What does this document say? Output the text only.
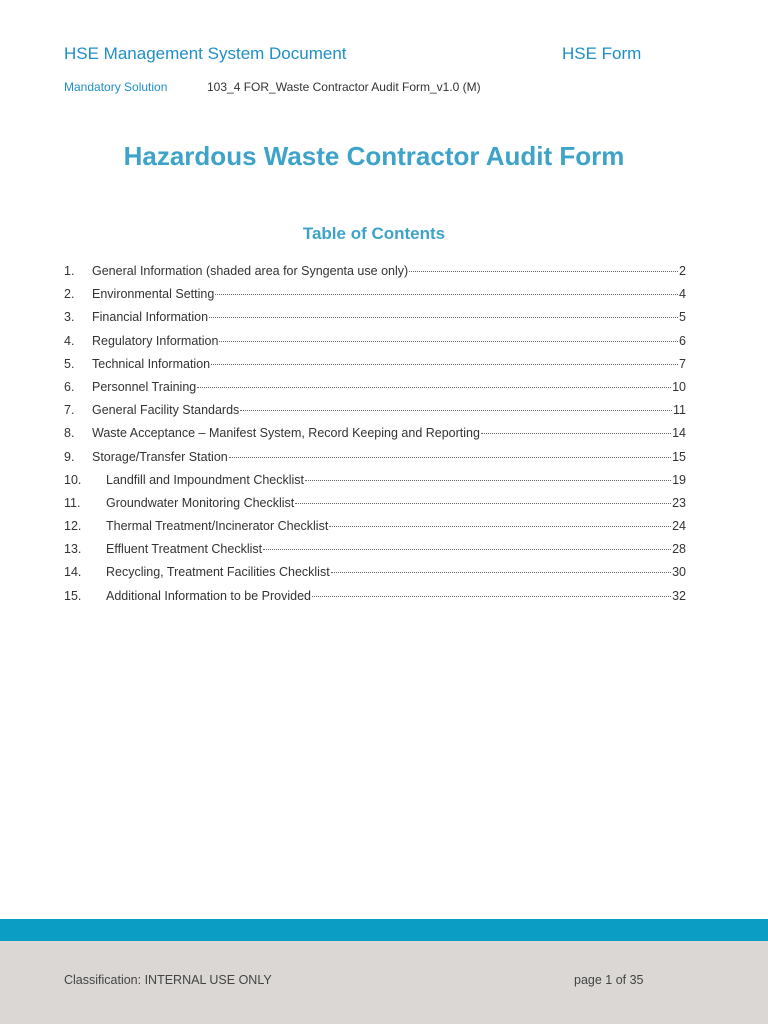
HSE Management System Document	HSE Form
Mandatory Solution	103_4 FOR_Waste Contractor Audit Form_v1.0 (M)
Hazardous Waste Contractor Audit Form
Table of Contents
1.	General Information (shaded area for Syngenta use only)	2
2.	Environmental Setting	4
3.	Financial Information	5
4.	Regulatory Information	6
5.	Technical Information	7
6.	Personnel Training	10
7.	General Facility Standards	11
8.	Waste Acceptance – Manifest System, Record Keeping and Reporting	14
9.	Storage/Transfer Station	15
10.	Landfill and Impoundment Checklist	19
11.	Groundwater Monitoring Checklist	23
12.	Thermal Treatment/Incinerator Checklist	24
13.	Effluent Treatment Checklist	28
14.	Recycling, Treatment Facilities Checklist	30
15.	Additional Information to be Provided	32
Classification: INTERNAL USE ONLY	page 1 of 35
